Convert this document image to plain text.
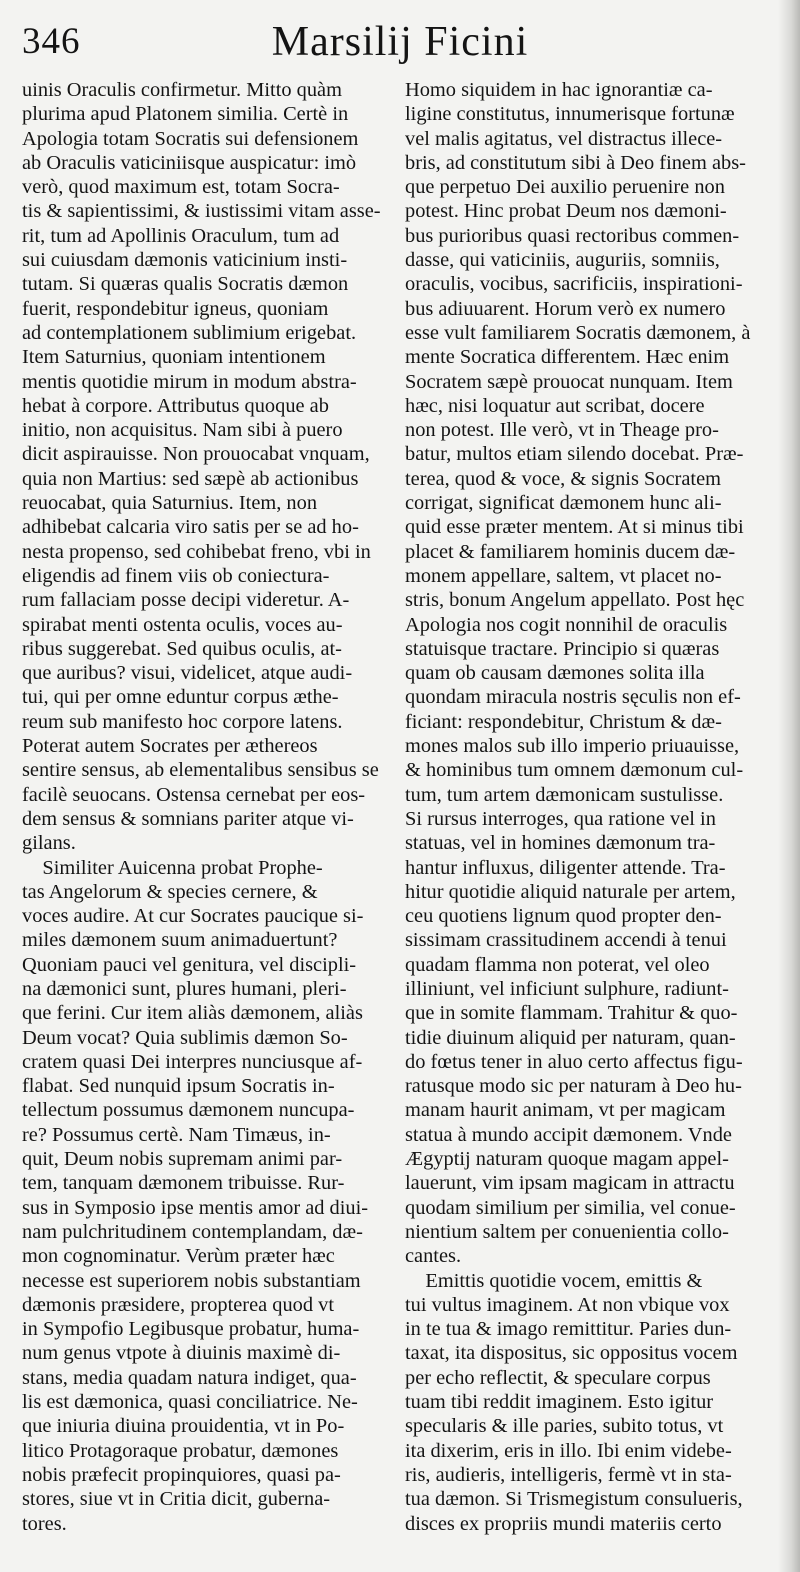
346	Marsilij Ficini
uinis Oraculis confirmetur. Mitto quàm
plurima apud Platonem similia. Certè in
Apologia totam Socratis sui defensionem
ab Oraculis vaticiniisque auspicatur: imò
verò, quod maximum est, totam Socra-
tis & sapientissimi, & iustissimi vitam asse-
rit, tum ad Apollinis Oraculum, tum ad
sui cuiusdam dæmonis vaticinium insti-
tutam. Si quæras qualis Socratis dæmon
fuerit, respondebitur igneus, quoniam
ad contemplationem sublimium erigebat.
Item Saturnius, quoniam intentionem
mentis quotidie mirum in modum abstra-
hebat à corpore. Attributus quoque ab
initio, non acquisitus. Nam sibi à puero
dicit aspirauisse. Non prouocabat vnquam,
quia non Martius: sed sæpè ab actionibus
reuocabat, quia Saturnius. Item, non
adhibebat calcaria viro satis per se ad ho-
nesta propenso, sed cohibebat freno, vbi in
eligendis ad finem viis ob coniectura-
rum fallaciam posse decipi videretur. A-
spirabat menti ostenta oculis, voces au-
ribus suggerebat. Sed quibus oculis, at-
que auribus? visui, videlicet, atque audi-
tui, qui per omne eduntur corpus æthe-
reum sub manifesto hoc corpore latens.
Poterat autem Socrates per æthereos
sentire sensus, ab elementalibus sensibus se
facilè seuocans. Ostensa cernebat per eos-
dem sensus & somnians pariter atque vi-
gilans.
Similiter Auicenna probat Prophe-
tas Angelorum & species cernere, &
voces audire. At cur Socrates paucique si-
miles dæmonem suum animaduertunt?
Quoniam pauci vel genitura, vel discipli-
na dæmonici sunt, plures humani, pleri-
que ferini. Cur item aliàs dæmonem, aliàs
Deum vocat? Quia sublimis dæmon So-
cratem quasi Dei interpres nunciusque af-
flabat. Sed nunquid ipsum Socratis in-
tellectum possumus dæmonem nuncupa-
re? Possumus certè. Nam Timæus, in-
quit, Deum nobis supremam animi par-
tem, tanquam dæmonem tribuisse. Rur-
sus in Symposio ipse mentis amor ad diui-
nam pulchritudinem contemplandam, dæ-
mon cognominatur. Verùm præter hæc
necesse est superiorem nobis substantiam
dæmonis præsidere, propterea quod vt
in Sympofio Legibusque probatur, huma-
num genus vtpote à diuinis maximè di-
stans, media quadam natura indiget, qua-
lis est dæmonica, quasi conciliatrice. Ne-
que iniuria diuina prouidentia, vt in Po-
litico Protagoraque probatur, dæmones
nobis præfecit propinquiores, quasi pa-
stores, siue vt in Critia dicit, guberna-
tores.
Homo siquidem in hac ignorantiæ ca-
ligine constitutus, innumerisque fortunæ
vel malis agitatus, vel distractus illece-
bris, ad constitutum sibi à Deo finem abs-
que perpetuo Dei auxilio peruenire non
potest. Hinc probat Deum nos dæmoni-
bus purioribus quasi rectoribus commen-
dasse, qui vaticiniis, auguriis, somniis,
oraculis, vocibus, sacrificiis, inspirationi-
bus adiuuarent. Horum verò ex numero
esse vult familiarem Socratis dæmonem, à
mente Socratica differentem. Hæc enim
Socratem sæpè prouocat nunquam. Item
hæc, nisi loquatur aut scribat, docere
non potest. Ille verò, vt in Theage pro-
batur, multos etiam silendo docebat. Præ-
terea, quod & voce, & signis Socratem
corrigat, significat dæmonem hunc ali-
quid esse præter mentem. At si minus tibi
placet & familiarem hominis ducem dæ-
monem appellare, saltem, vt placet no-
stris, bonum Angelum appellato. Post hęc
Apologia nos cogit nonnihil de oraculis
statuisque tractare. Principio si quæras
quam ob causam dæmones solita illa
quondam miracula nostris sęculis non ef-
ficiant: respondebitur, Christum & dæ-
mones malos sub illo imperio priuauisse,
& hominibus tum omnem dæmonum cul-
tum, tum artem dæmonicam sustulisse.
Si rursus interroges, qua ratione vel in
statuas, vel in homines dæmonum tra-
hantur influxus, diligenter attende. Tra-
hitur quotidie aliquid naturale per artem,
ceu quotiens lignum quod propter den-
sissimam crassitudinem accendi à tenui
quadam flamma non poterat, vel oleo
illiniunt, vel inficiunt sulphure, radiunt-
que in somite flammam. Trahitur & quo-
tidie diuinum aliquid per naturam, quan-
do fœtus tener in aluo certo affectus figu-
ratusque modo sic per naturam à Deo hu-
manam haurit animam, vt per magicam
statua à mundo accipit dæmonem. Vnde
Ægyptij naturam quoque magam appel-
lauerunt, vim ipsam magicam in attractu
quodam similium per similia, vel conue-
nientium saltem per conuenientia collo-
cantes.
Emittis quotidie vocem, emittis &
tui vultus imaginem. At non vbique vox
in te tua & imago remittitur. Paries dun-
taxat, ita dispositus, sic oppositus vocem
per echo reflectit, & speculare corpus
tuam tibi reddit imaginem. Esto igitur
specularis & ille paries, subito totus, vt
ita dixerim, eris in illo. Ibi enim videbe-
ris, audieris, intelligeris, fermè vt in sta-
tua dæmon. Si Trismegistum consulueris,
disces ex propriis mundi materiis certo
